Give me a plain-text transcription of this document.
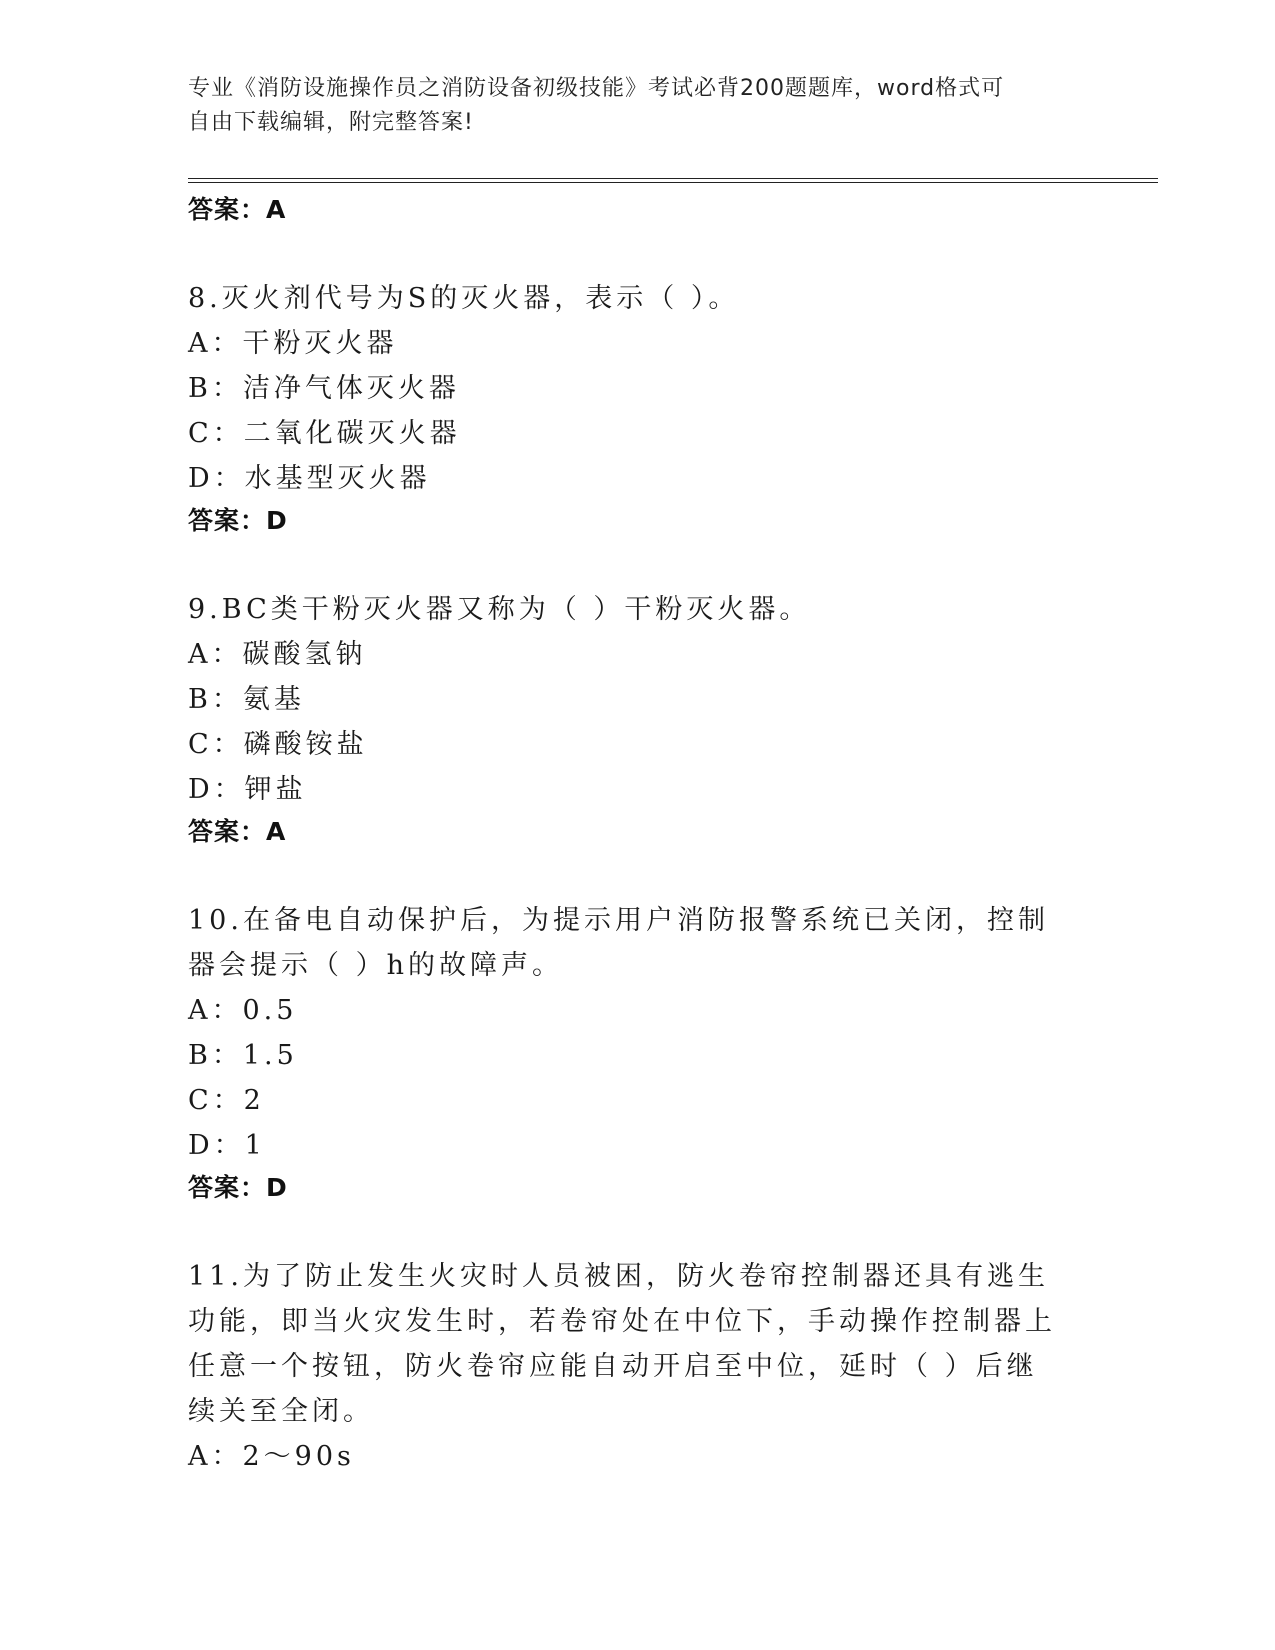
专业《消防设施操作员之消防设备初级技能》考试必背200题题库，word格式可
自由下载编辑，附完整答案!
答案：A
8.灭火剂代号为S的灭火器，表示（ ）。
A：干粉灭火器
B：洁净气体灭火器
C：二氧化碳灭火器
D：水基型灭火器
答案：D
9.BC类干粉灭火器又称为（ ）干粉灭火器。
A：碳酸氢钠
B：氨基
C：磷酸铵盐
D：钾盐
答案：A
10.在备电自动保护后，为提示用户消防报警系统已关闭，控制器会提示（ ）h的故障声。
A：0.5
B：1.5
C：2
D：1
答案：D
11.为了防止发生火灾时人员被困，防火卷帘控制器还具有逃生功能，即当火灾发生时，若卷帘处在中位下，手动操作控制器上任意一个按钮，防火卷帘应能自动开启至中位，延时（ ）后继续关至全闭。
A：2～90s
